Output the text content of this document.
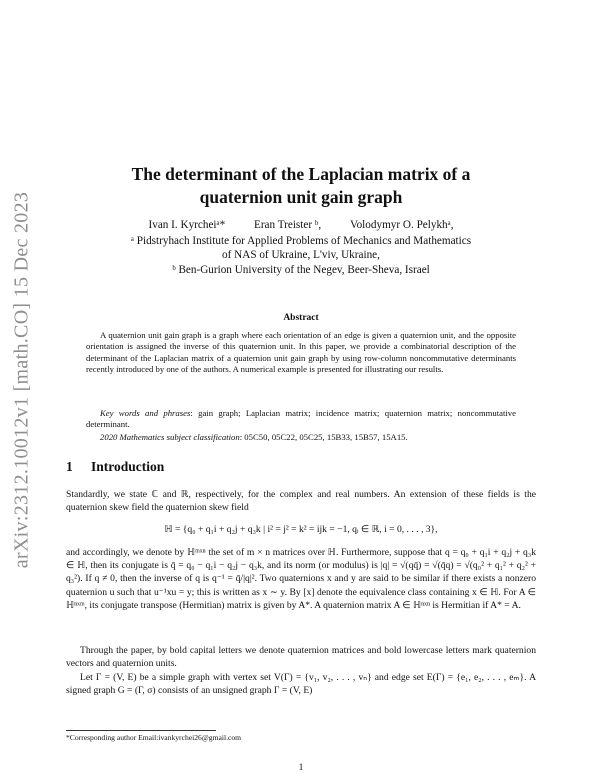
arXiv:2312.10012v1 [math.CO] 15 Dec 2023
The determinant of the Laplacian matrix of a
quaternion unit gain graph
Ivan I. Kyrcheiᵃ*	Eran Treister ᵇ,	Volodymyr O. Pelykhᵃ,
ᵃ Pidstryhach Institute for Applied Problems of Mechanics and Mathematics
of NAS of Ukraine, L'viv, Ukraine,
ᵇ Ben-Gurion University of the Negev, Beer-Sheva, Israel
Abstract
A quaternion unit gain graph is a graph where each orientation of an edge is given a quaternion unit, and the opposite orientation is assigned the inverse of this quaternion unit. In this paper, we provide a combinatorial description of the determinant of the Laplacian matrix of a quaternion unit gain graph by using row-column noncommutative determinants recently introduced by one of the authors. A numerical example is presented for illustrating our results.
Key words and phrases: gain graph; Laplacian matrix; incidence matrix; quaternion matrix; noncommutative determinant.
2020 Mathematics subject classification: 05C50, 05C22, 05C25, 15B33, 15B57, 15A15.
1 Introduction
Standardly, we state ℂ and ℝ, respectively, for the complex and real numbers. An extension of these fields is the quaternion skew field the quaternion skew field
ℍ = {q₀ + q₁i + q₂j + q₃k | i² = j² = k² = ijk = −1, qᵢ ∈ ℝ, i = 0, . . . , 3},
and accordingly, we denote by ℍᵐˣⁿ the set of m × n matrices over ℍ. Furthermore, suppose that q = q₀ + q₁i + q₂j + q₃k ∈ ℍ, then its conjugate is q̄ = q₀ − q₁i − q₂j − q₃k, and its norm (or modulus) is |q| = √(qq̄) = √(q̄q) = √(q₀² + q₁² + q₂² + q₃²). If q ≠ 0, then the inverse of q is q⁻¹ = q̄/|q|². Two quaternions x and y are said to be similar if there exists a nonzero quaternion u such that u⁻¹xu = y; this is written as x ∼ y. By [x] denote the equivalence class containing x ∈ ℍ. For A ∈ ℍⁿˣᵐ, its conjugate transpose (Hermitian) matrix is given by A*. A quaternion matrix A ∈ ℍⁿˣⁿ is Hermitian if A* = A.
Through the paper, by bold capital letters we denote quaternion matrices and bold lowercase letters mark quaternion vectors and quaternion units.
Let Γ = (V, E) be a simple graph with vertex set V(Γ) = {v₁, v₂, . . . , vₙ} and edge set E(Γ) = {e₁, e₂, . . . , eₘ}. A signed graph G = (Γ, σ) consists of an unsigned graph Γ = (V, E)
*Corresponding author Email:ivankyrchei26@gmail.com
1
